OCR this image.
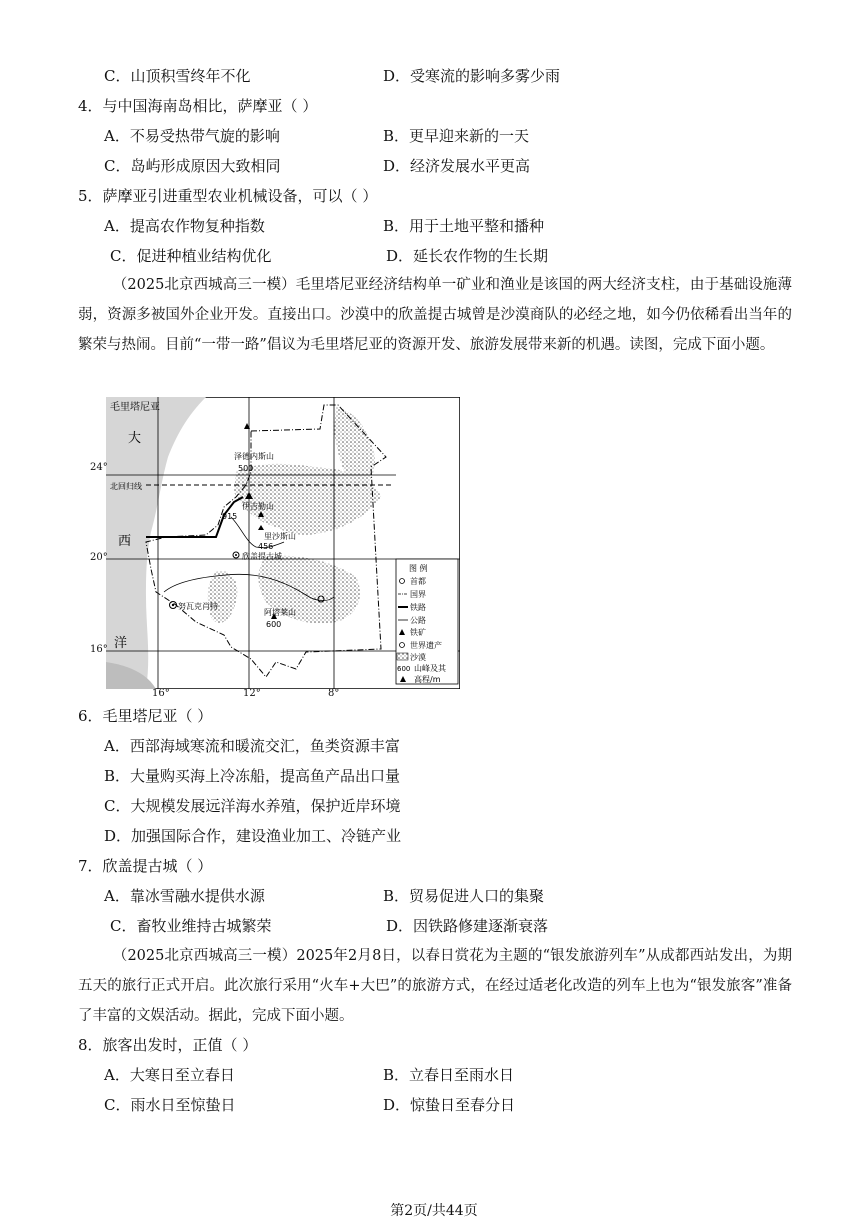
C．山顶积雪终年不化	D．受寒流的影响多雾少雨
4．与中国海南岛相比，萨摩亚（ ）
A．不易受热带气旋的影响	B．更早迎来新的一天
C．岛屿形成原因大致相同	D．经济发展水平更高
5．萨摩亚引进重型农业机械设备，可以（ ）
A．提高农作物复种指数	B．用于土地平整和播种
C．促进种植业结构优化	D．延长农作物的生长期
（2025北京西城高三一模）毛里塔尼亚经济结构单一矿业和渔业是该国的两大经济支柱，由于基础设施薄弱，资源多被国外企业开发。直接出口。沙漠中的欣盖提古城曾是沙漠商队的必经之地，如今仍依稀看出当年的繁荣与热闹。目前“一带一路”倡议为毛里塔尼亚的资源开发、旅游发展带来新的机遇。读图，完成下面小题。
毛里塔尼亚
大
西
洋
北回归线
泽德内斯山
500
伊吉勒山
915
里沙斯山
456
欣盖提古城
努瓦克肖特
阿塔莱山
600
图 例
首都
国界
铁路
公路
铁矿
世界遗产
沙漠
600 山峰及其
高程/m
24°
20°
16°
16°	12°	8°
6．毛里塔尼亚（ ）
A．西部海域寒流和暖流交汇，鱼类资源丰富
B．大量购买海上冷冻船，提高鱼产品出口量
C．大规模发展远洋海水养殖，保护近岸环境
D．加强国际合作，建设渔业加工、冷链产业
7．欣盖提古城（ ）
A．靠冰雪融水提供水源	B．贸易促进人口的集聚
C．畜牧业维持古城繁荣	D．因铁路修建逐渐衰落
（2025北京西城高三一模）2025年2月8日，以春日赏花为主题的“银发旅游列车”从成都西站发出，为期五天的旅行正式开启。此次旅行采用“火车+大巴”的旅游方式，在经过适老化改造的列车上也为“银发旅客”准备了丰富的文娱活动。据此，完成下面小题。
8．旅客出发时，正值（ ）
A．大寒日至立春日	B．立春日至雨水日
C．雨水日至惊蛰日	D．惊蛰日至春分日
第2页/共44页
